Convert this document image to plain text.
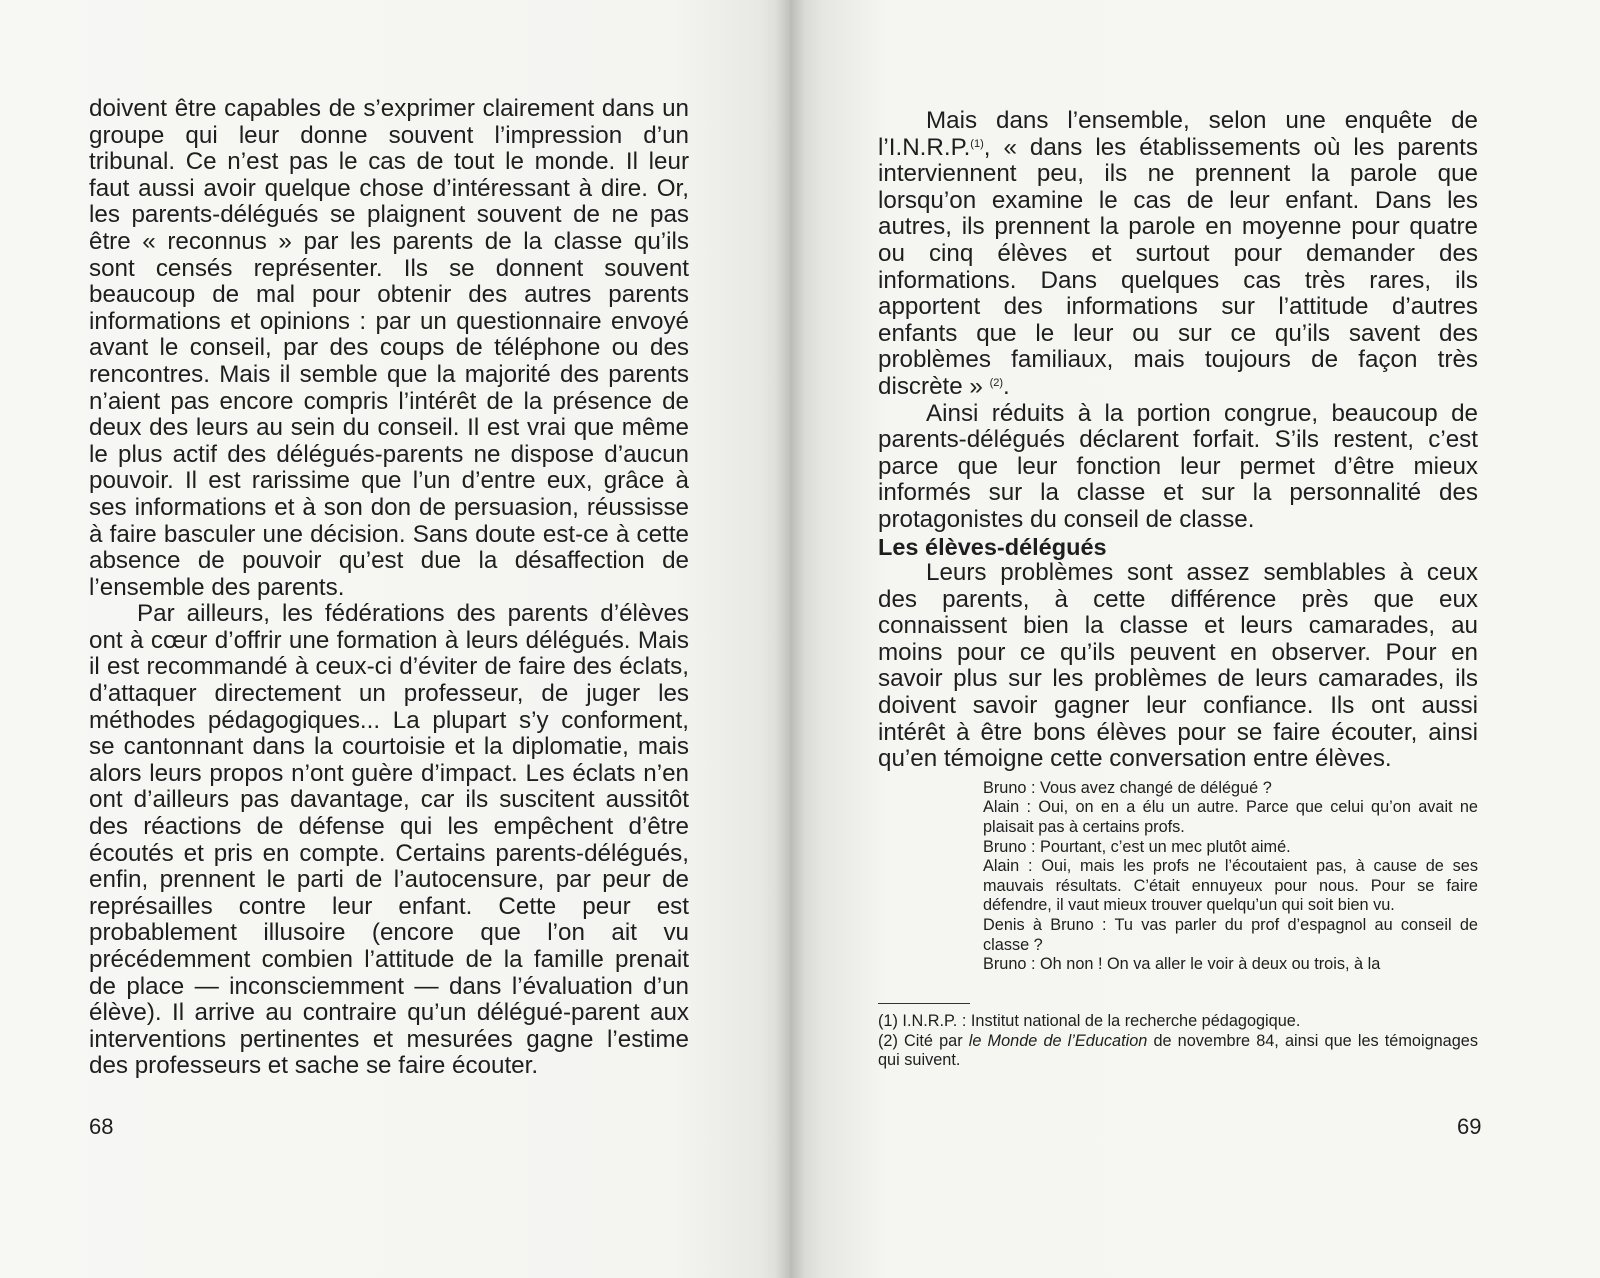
doivent être capables de s’exprimer clairement dans un groupe qui leur donne souvent l’impression d’un tribunal. Ce n’est pas le cas de tout le monde. Il leur faut aussi avoir quelque chose d’intéressant à dire. Or, les parents-délégués se plaignent souvent de ne pas être « reconnus » par les parents de la classe qu’ils sont censés représenter. Ils se donnent souvent beaucoup de mal pour obtenir des autres parents informations et opinions : par un questionnaire envoyé avant le conseil, par des coups de téléphone ou des rencontres. Mais il semble que la majorité des parents n’aient pas encore compris l’intérêt de la présence de deux des leurs au sein du conseil. Il est vrai que même le plus actif des délégués-parents ne dispose d’aucun pouvoir. Il est rarissime que l’un d’entre eux, grâce à ses informations et à son don de persuasion, réussisse à faire basculer une décision. Sans doute est-ce à cette absence de pouvoir qu’est due la désaffection de l’ensemble des parents.

Par ailleurs, les fédérations des parents d’élèves ont à cœur d’offrir une formation à leurs délégués. Mais il est recommandé à ceux-ci d’éviter de faire des éclats, d’attaquer directement un professeur, de juger les méthodes pédagogiques... La plupart s’y conforment, se cantonnant dans la courtoisie et la diplomatie, mais alors leurs propos n’ont guère d’impact. Les éclats n’en ont d’ailleurs pas davantage, car ils suscitent aussitôt des réactions de défense qui les empêchent d’être écoutés et pris en compte. Certains parents-délégués, enfin, prennent le parti de l’autocensure, par peur de représailles contre leur enfant. Cette peur est probablement illusoire (encore que l’on ait vu précédemment combien l’attitude de la famille prenait de place — inconsciemment — dans l’évaluation d’un élève). Il arrive au contraire qu’un délégué-parent aux interventions pertinentes et mesurées gagne l’estime des professeurs et sache se faire écouter.

68

Mais dans l’ensemble, selon une enquête de l’I.N.R.P.$^{(1)}$, « dans les établissements où les parents interviennent peu, ils ne prennent la parole que lorsqu’on examine le cas de leur enfant. Dans les autres, ils prennent la parole en moyenne pour quatre ou cinq élèves et surtout pour demander des informations. Dans quelques cas très rares, ils apportent des informations sur l’attitude d’autres enfants que le leur ou sur ce qu’ils savent des problèmes familiaux, mais toujours de façon très discrète » $^{(2)}$.

Ainsi réduits à la portion congrue, beaucoup de parents-délégués déclarent forfait. S’ils restent, c’est parce que leur fonction leur permet d’être mieux informés sur la classe et sur la personnalité des protagonistes du conseil de classe.

Les élèves-délégués

Leurs problèmes sont assez semblables à ceux des parents, à cette différence près que eux connaissent bien la classe et leurs camarades, au moins pour ce qu’ils peuvent en observer. Pour en savoir plus sur les problèmes de leurs camarades, ils doivent savoir gagner leur confiance. Ils ont aussi intérêt à être bons élèves pour se faire écouter, ainsi qu’en témoigne cette conversation entre élèves.

Bruno : Vous avez changé de délégué ?

Alain : Oui, on en a élu un autre. Parce que celui qu’on avait ne plaisait pas à certains profs.

Bruno : Pourtant, c’est un mec plutôt aimé.

Alain : Oui, mais les profs ne l’écoutaient pas, à cause de ses mauvais résultats. C’était ennuyeux pour nous. Pour se faire défendre, il vaut mieux trouver quelqu’un qui soit bien vu.

Denis à Bruno : Tu vas parler du prof d’espagnol au conseil de classe ?

Bruno : Oh non ! On va aller le voir à deux ou trois, à la

(1) I.N.R.P. : Institut national de la recherche pédagogique.

(2) Cité par le Monde de l’Education de novembre 84, ainsi que les témoignages qui suivent.

69
